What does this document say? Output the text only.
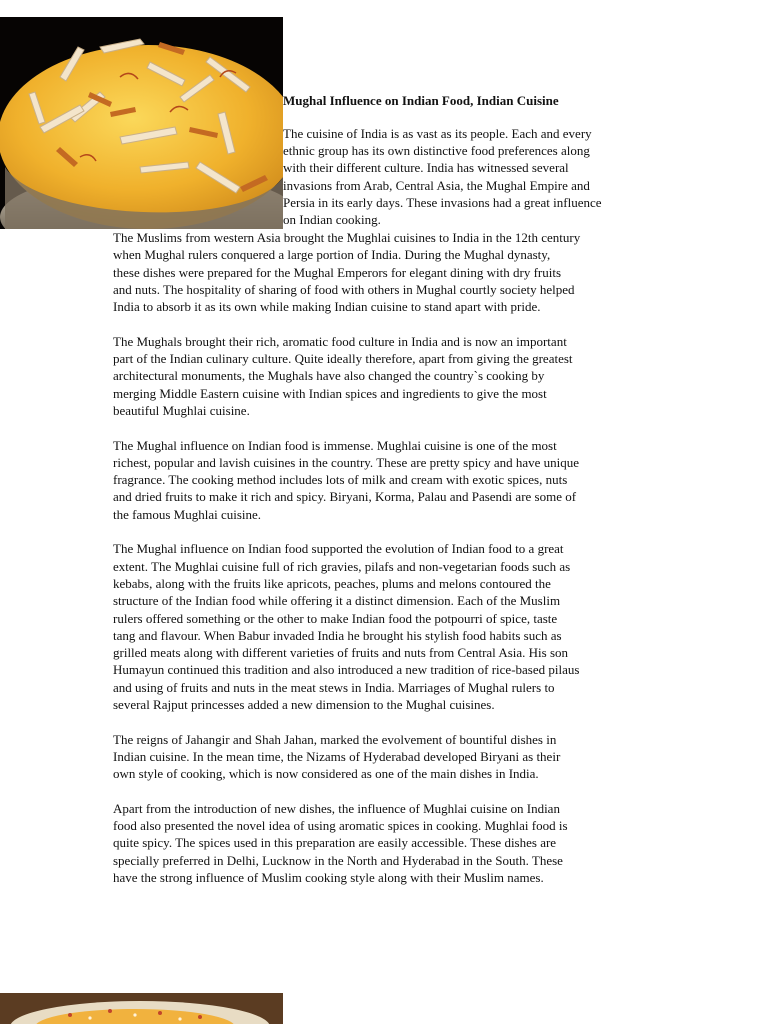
Mughal Influence on Indian Food, Indian Cuisine
The cuisine of India is as vast as its people. Each and every
ethnic group has its own distinctive food preferences along
with their different culture. India has witnessed several
invasions from Arab, Central Asia, the Mughal Empire and
Persia in its early days. These invasions had a great influence
on Indian cooking.

The Muslims from western Asia brought the Mughlai cuisines to India in the 12th century
when Mughal rulers conquered a large portion of India. During the Mughal dynasty,
these dishes were prepared for the Mughal Emperors for elegant dining with dry fruits
and nuts. The hospitality of sharing of food with others in Mughal courtly society helped
India to absorb it as its own while making Indian cuisine to stand apart with pride.

The Mughals brought their rich, aromatic food culture in India and is now an important
part of the Indian culinary culture. Quite ideally therefore, apart from giving the greatest
architectural monuments, the Mughals have also changed the country`s cooking by
merging Middle Eastern cuisine with Indian spices and ingredients to give the most
beautiful Mughlai cuisine.

The Mughal influence on Indian food is immense. Mughlai cuisine is one of the most
richest, popular and lavish cuisines in the country. These are pretty spicy and have unique
fragrance. The cooking method includes lots of milk and cream with exotic spices, nuts
and dried fruits to make it rich and spicy. Biryani, Korma, Palau and Pasendi are some of
the famous Mughlai cuisine.

The Mughal influence on Indian food supported the evolution of Indian food to a great
extent. The Mughlai cuisine full of rich gravies, pilafs and non-vegetarian foods such as
kebabs, along with the fruits like apricots, peaches, plums and melons contoured the
structure of the Indian food while offering it a distinct dimension. Each of the Muslim
rulers offered something or the other to make Indian food the potpourri of spice, taste
tang and flavour. When Babur invaded India he brought his stylish food habits such as
grilled meats along with different varieties of fruits and nuts from Central Asia. His son
Humayun continued this tradition and also introduced a new tradition of rice-based pilaus
and using of fruits and nuts in the meat stews in India. Marriages of Mughal rulers to
several Rajput princesses added a new dimension to the Mughal cuisines.

The reigns of Jahangir and Shah Jahan, marked the evolvement of bountiful dishes in
Indian cuisine. In the mean time, the Nizams of Hyderabad developed Biryani as their
own style of cooking, which is now considered as one of the main dishes in India.

Apart from the introduction of new dishes, the influence of Mughlai cuisine on Indian
food also presented the novel idea of using aromatic spices in cooking. Mughlai food is
quite spicy. The spices used in this preparation are easily accessible. These dishes are
specially preferred in Delhi, Lucknow in the North and Hyderabad in the South. These
have the strong influence of Muslim cooking style along with their Muslim names.
